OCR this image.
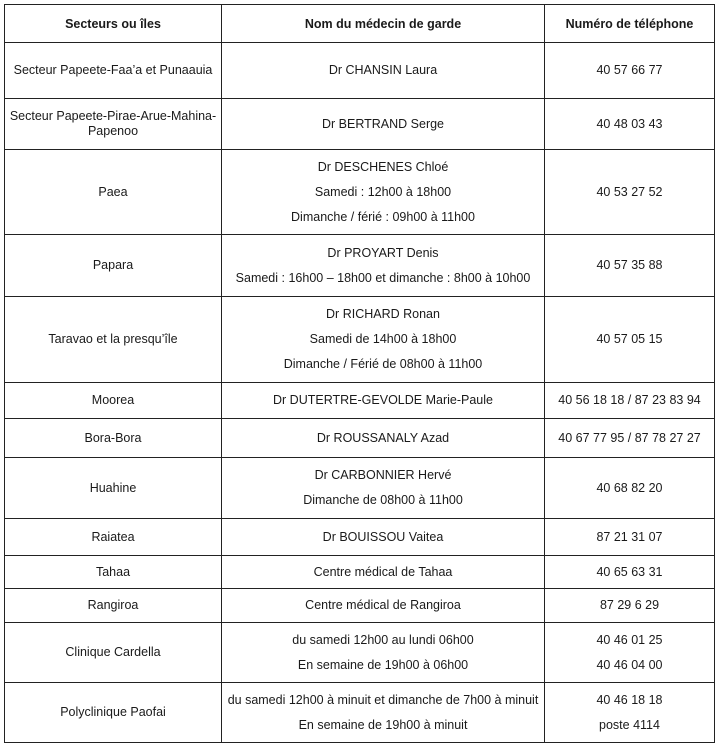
Secteurs ou îles	Nom du médecin de garde	Numéro de téléphone

Secteur Papeete-Faa’a et Punaauia	Dr CHANSIN Laura	40 57 66 77

Secteur Papeete-Pirae-Arue-Mahina-
Papenoo	Dr BERTRAND Serge	40 48 03 43

Paea	Dr DESCHENES Chloé
Samedi : 12h00 à 18h00
Dimanche / férié : 09h00 à 11h00	40 53 27 52

Papara	Dr PROYART Denis
Samedi : 16h00 – 18h00 et dimanche : 8h00 à 10h00	40 57 35 88

Taravao et la presqu’île	Dr RICHARD Ronan
Samedi de 14h00 à 18h00
Dimanche / Férié de 08h00 à 11h00	40 57 05 15

Moorea	Dr DUTERTRE-GEVOLDE Marie-Paule	40 56 18 18 / 87 23 83 94

Bora-Bora	Dr ROUSSANALY Azad	40 67 77 95 / 87 78 27 27

Huahine	Dr CARBONNIER Hervé
Dimanche de 08h00 à 11h00	40 68 82 20

Raiatea	Dr BOUISSOU Vaitea	87 21 31 07

Tahaa	Centre médical de Tahaa	40 65 63 31

Rangiroa	Centre médical de Rangiroa	87 29 6 29

Clinique Cardella	du samedi 12h00 au lundi 06h00
En semaine de 19h00 à 06h00	40 46 01 25
40 46 04 00

Polyclinique Paofai	du samedi 12h00 à minuit et dimanche de 7h00 à minuit
En semaine de 19h00 à minuit	40 46 18 18
poste 4114
